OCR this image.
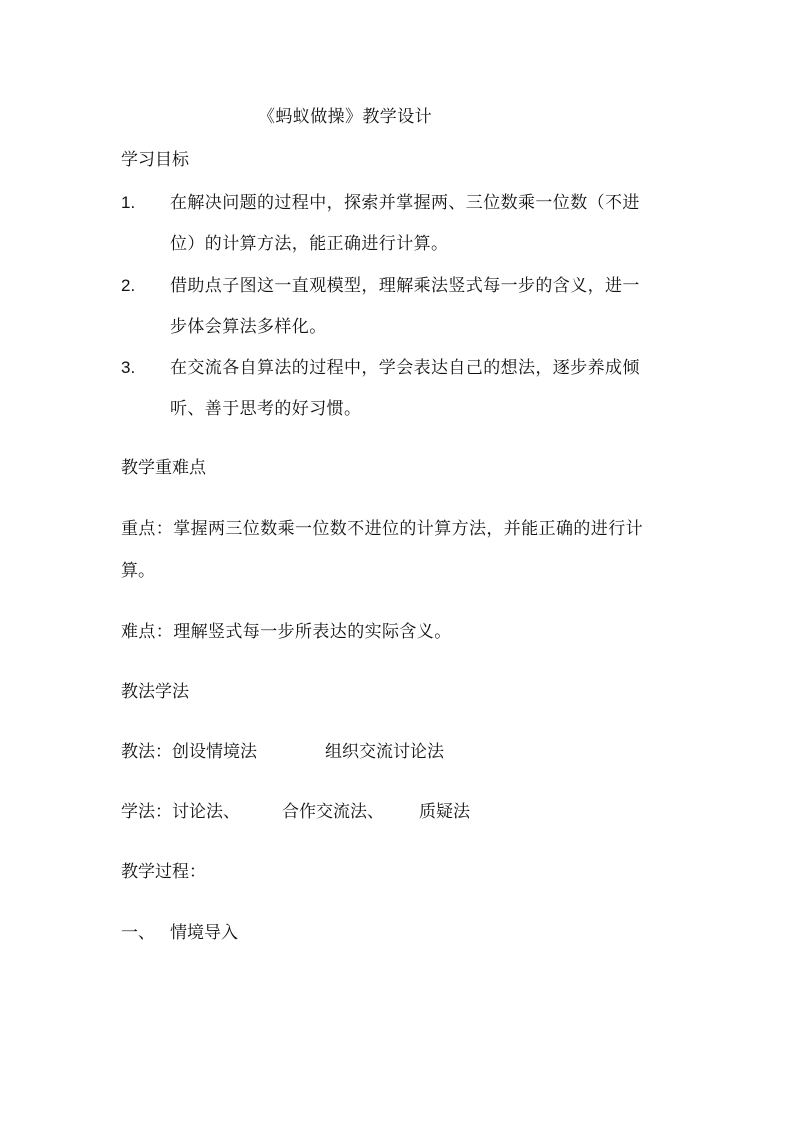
《蚂蚁做操》教学设计
学习目标
1. 在解决问题的过程中，探索并掌握两、三位数乘一位数（不进
位）的计算方法，能正确进行计算。
2. 借助点子图这一直观模型，理解乘法竖式每一步的含义，进一
步体会算法多样化。
3. 在交流各自算法的过程中，学会表达自己的想法，逐步养成倾
听、善于思考的好习惯。
教学重难点
重点：掌握两三位数乘一位数不进位的计算方法，并能正确的进行计
算。
难点：理解竖式每一步所表达的实际含义。
教法学法
教法：创设情境法	组织交流讨论法
学法：讨论法、 合作交流法、 质疑法
教学过程：
一、 情境导入
